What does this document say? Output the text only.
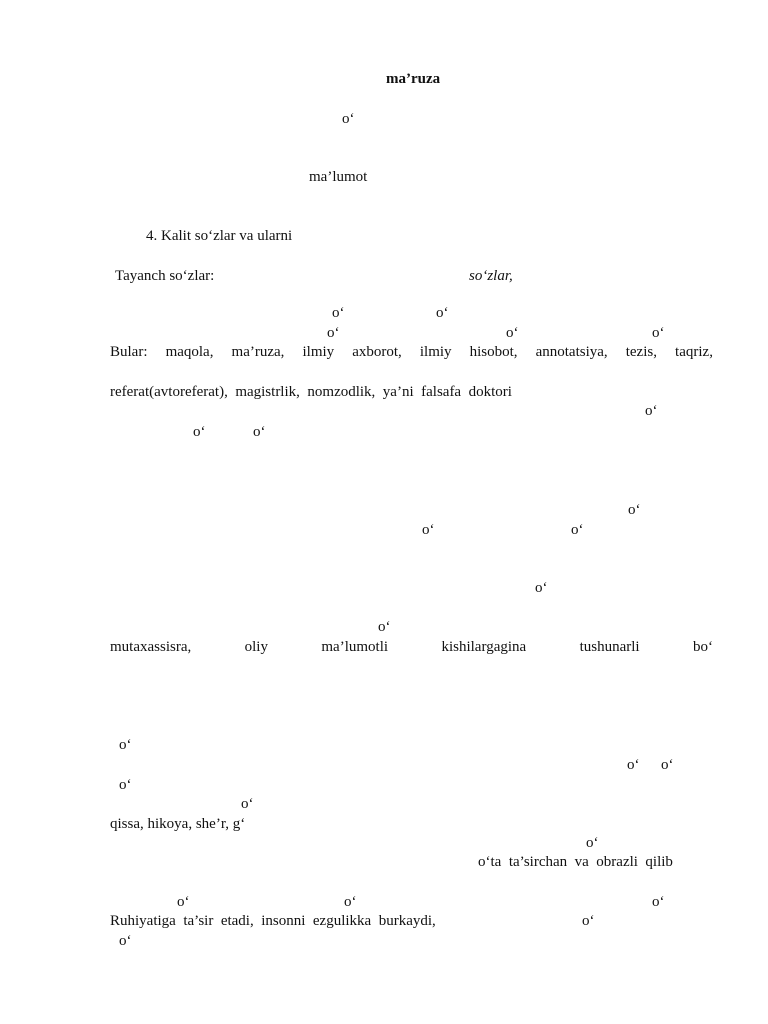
ma’ruza
o‘
ma’lumot
4. Kalit so‘zlar va ularni
Tayanch so‘zlar:	so‘zlar,
o‘	o‘
o‘	o‘	o‘
Bular: maqola, ma’ruza, ilmiy axborot, ilmiy hisobot, annotatsiya, tezis, taqriz,
referat(avtoreferat),  magistrlik,  nomzodlik,  ya’ni  falsafa  doktori
o‘
o‘	o‘
o‘
o‘	o‘
o‘
o‘
mutaxassisra,	oliy	ma’lumotli	kishilargagina	tushunarli	bo‘
o‘
o‘ o‘
o‘
o‘
qissa, hikoya, she’r, g‘
o‘
o‘ta  ta’sirchan  va  obrazli  qilib
o‘	o‘	o‘
Ruhiyatiga  ta’sir  etadi,  insonni  ezgulikka  burkaydi,	o‘
o‘
